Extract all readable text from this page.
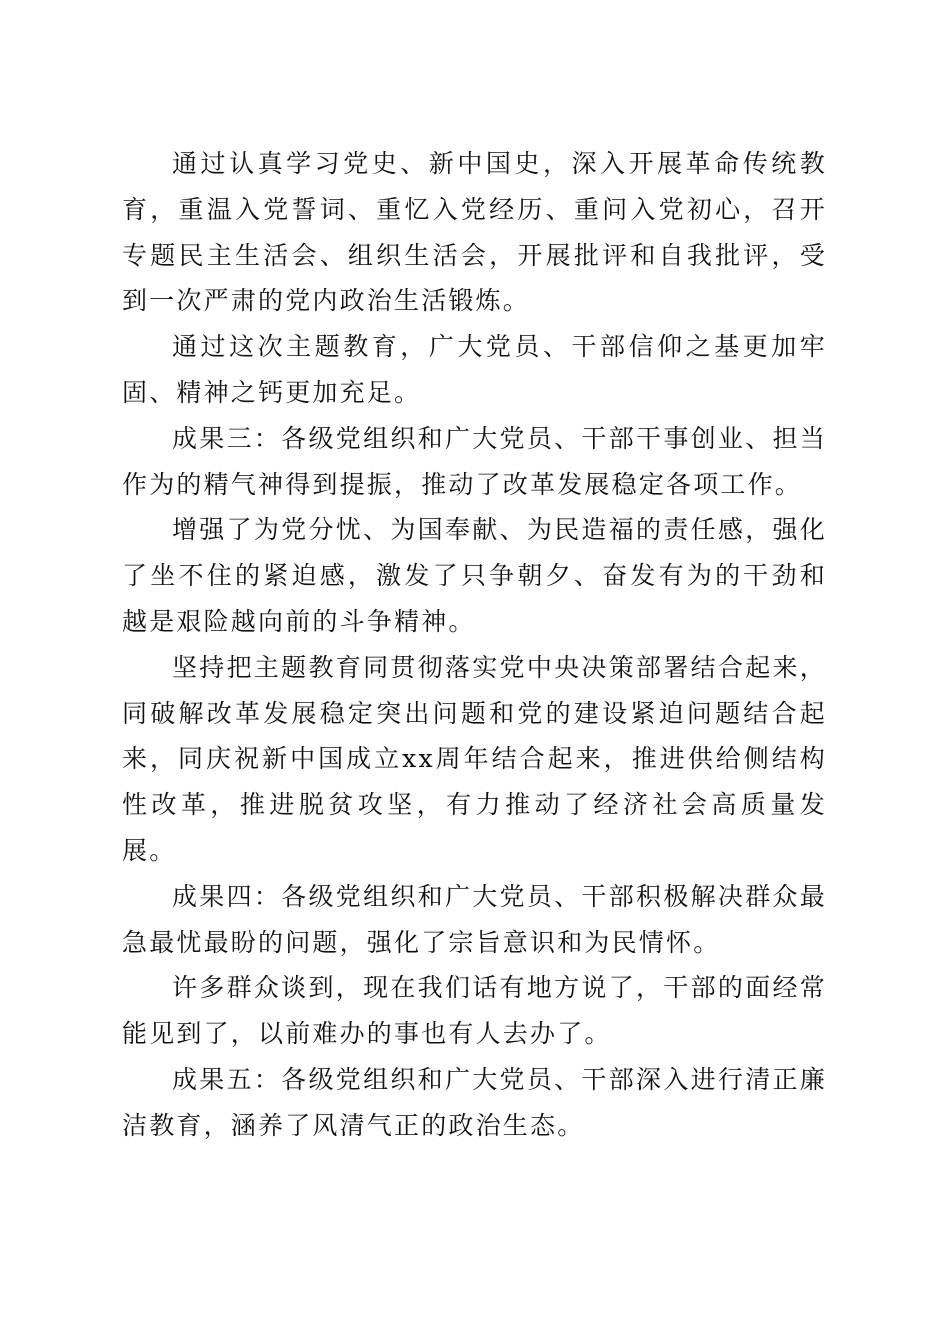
通过认真学习党史、新中国史，深入开展革命传统教育，重温入党誓词、重忆入党经历、重问入党初心，召开专题民主生活会、组织生活会，开展批评和自我批评，受到一次严肃的党内政治生活锻炼。

通过这次主题教育，广大党员、干部信仰之基更加牢固、精神之钙更加充足。

成果三：各级党组织和广大党员、干部干事创业、担当作为的精气神得到提振，推动了改革发展稳定各项工作。

增强了为党分忧、为国奉献、为民造福的责任感，强化了坐不住的紧迫感，激发了只争朝夕、奋发有为的干劲和越是艰险越向前的斗争精神。

坚持把主题教育同贯彻落实党中央决策部署结合起来，同破解改革发展稳定突出问题和党的建设紧迫问题结合起来，同庆祝新中国成立xx周年结合起来，推进供给侧结构性改革，推进脱贫攻坚，有力推动了经济社会高质量发展。

成果四：各级党组织和广大党员、干部积极解决群众最急最忧最盼的问题，强化了宗旨意识和为民情怀。

许多群众谈到，现在我们话有地方说了，干部的面经常能见到了，以前难办的事也有人去办了。

成果五：各级党组织和广大党员、干部深入进行清正廉洁教育，涵养了风清气正的政治生态。
